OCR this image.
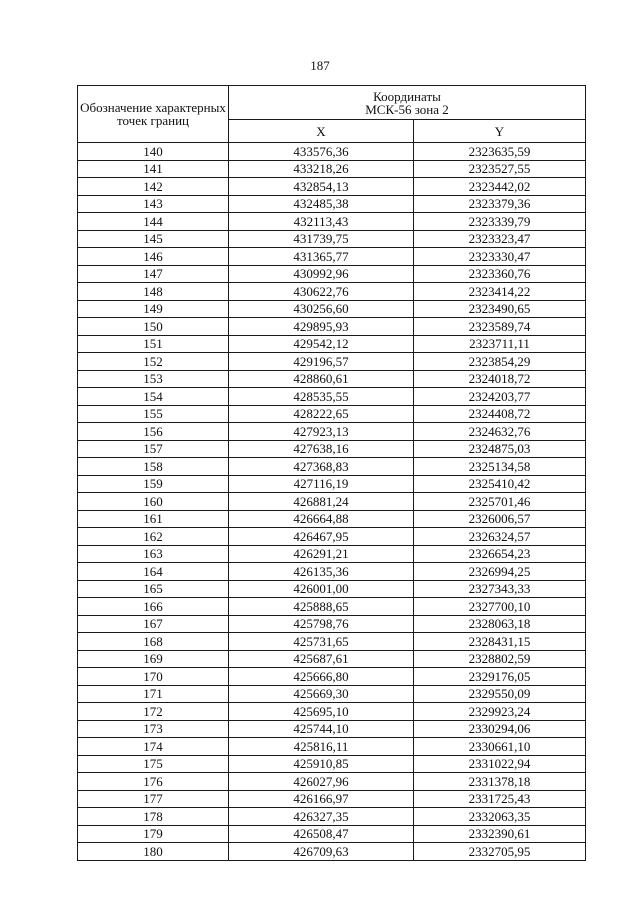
187
Обозначение характерных точек границ	Координаты
МСК-56 зона 2	

	X	Y
140	433576,36	2323635,59
141	433218,26	2323527,55
142	432854,13	2323442,02
143	432485,38	2323379,36
144	432113,43	2323339,79
145	431739,75	2323323,47
146	431365,77	2323330,47
147	430992,96	2323360,76
148	430622,76	2323414,22
149	430256,60	2323490,65
150	429895,93	2323589,74
151	429542,12	2323711,11
152	429196,57	2323854,29
153	428860,61	2324018,72
154	428535,55	2324203,77
155	428222,65	2324408,72
156	427923,13	2324632,76
157	427638,16	2324875,03
158	427368,83	2325134,58
159	427116,19	2325410,42
160	426881,24	2325701,46
161	426664,88	2326006,57
162	426467,95	2326324,57
163	426291,21	2326654,23
164	426135,36	2326994,25
165	426001,00	2327343,33
166	425888,65	2327700,10
167	425798,76	2328063,18
168	425731,65	2328431,15
169	425687,61	2328802,59
170	425666,80	2329176,05
171	425669,30	2329550,09
172	425695,10	2329923,24
173	425744,10	2330294,06
174	425816,11	2330661,10
175	425910,85	2331022,94
176	426027,96	2331378,18
177	426166,97	2331725,43
178	426327,35	2332063,35
179	426508,47	2332390,61
180	426709,63	2332705,95
